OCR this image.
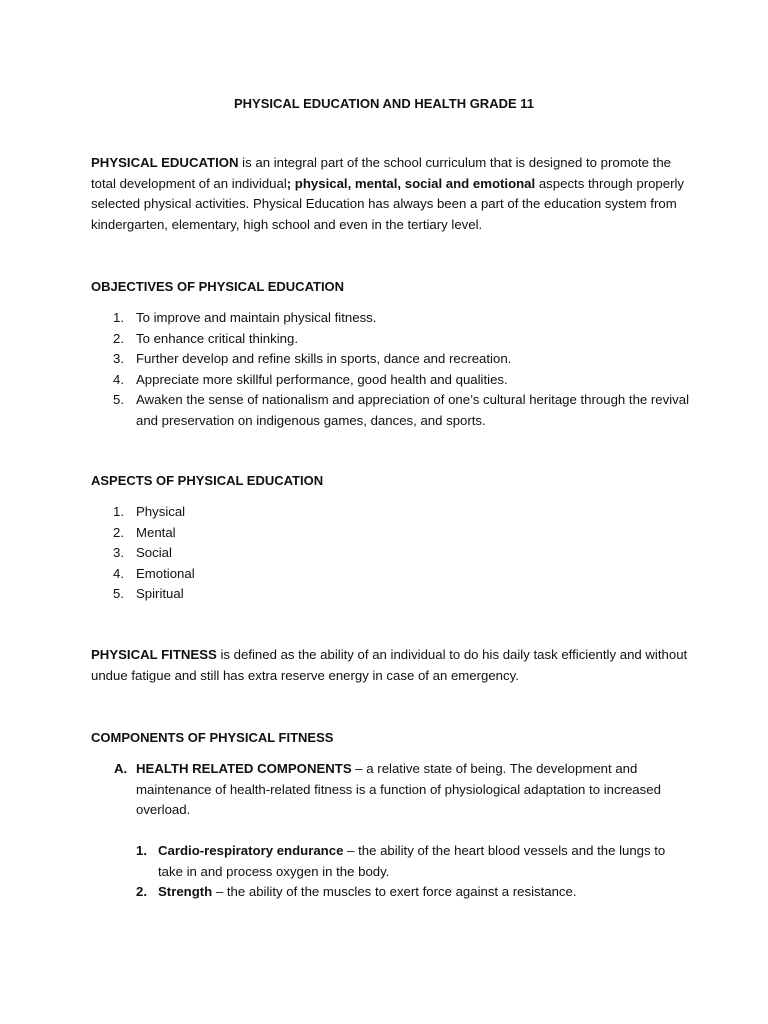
PHYSICAL EDUCATION AND HEALTH GRADE 11
PHYSICAL EDUCATION is an integral part of the school curriculum that is designed to promote the total development of an individual; physical, mental, social and emotional aspects through properly selected physical activities. Physical Education has always been a part of the education system from kindergarten, elementary, high school and even in the tertiary level.
OBJECTIVES OF PHYSICAL EDUCATION
1. To improve and maintain physical fitness.
2. To enhance critical thinking.
3. Further develop and refine skills in sports, dance and recreation.
4. Appreciate more skillful performance, good health and qualities.
5. Awaken the sense of nationalism and appreciation of one’s cultural heritage through the revival and preservation on indigenous games, dances, and sports.
ASPECTS OF PHYSICAL EDUCATION
1. Physical
2. Mental
3. Social
4. Emotional
5. Spiritual
PHYSICAL FITNESS is defined as the ability of an individual to do his daily task efficiently and without undue fatigue and still has extra reserve energy in case of an emergency.
COMPONENTS OF PHYSICAL FITNESS
A. HEALTH RELATED COMPONENTS – a relative state of being. The development and maintenance of health-related fitness is a function of physiological adaptation to increased overload.
1. Cardio-respiratory endurance – the ability of the heart blood vessels and the lungs to take in and process oxygen in the body.
2. Strength – the ability of the muscles to exert force against a resistance.
